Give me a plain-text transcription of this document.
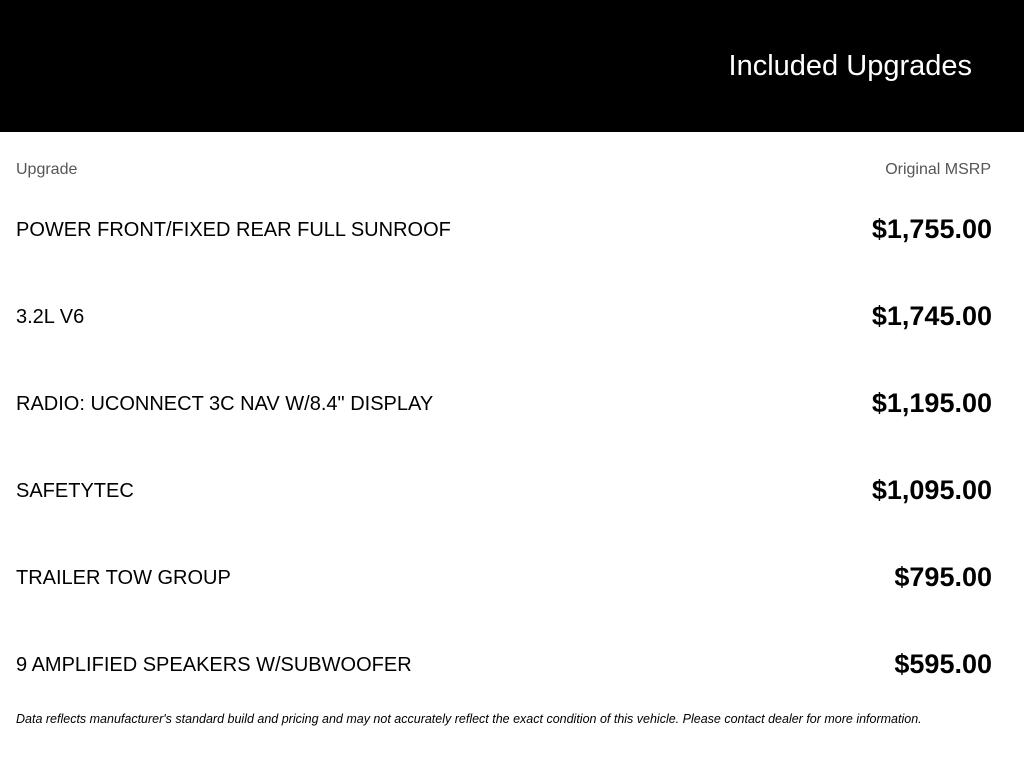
Included Upgrades
Upgrade	Original MSRP
POWER FRONT/FIXED REAR FULL SUNROOF	$1,755.00
3.2L V6	$1,745.00
RADIO: UCONNECT 3C NAV W/8.4" DISPLAY	$1,195.00
SAFETYTEC	$1,095.00
TRAILER TOW GROUP	$795.00
9 AMPLIFIED SPEAKERS W/SUBWOOFER	$595.00
Data reflects manufacturer's standard build and pricing and may not accurately reflect the exact condition of this vehicle. Please contact dealer for more information.
